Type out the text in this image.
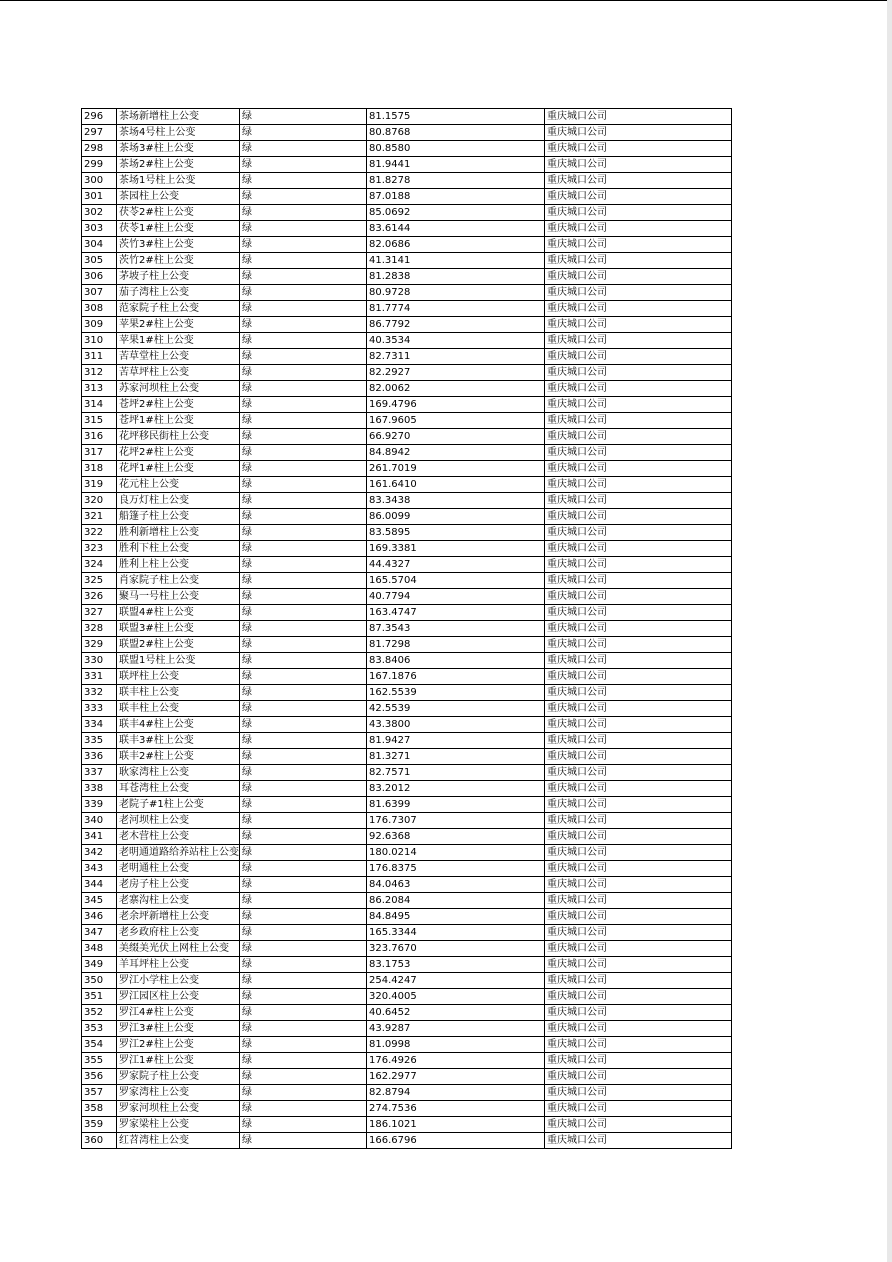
296	茶场新增柱上公变	绿	81.1575	重庆城口公司
297	茶场4号柱上公变	绿	80.8768	重庆城口公司
298	茶场3#柱上公变	绿	80.8580	重庆城口公司
299	茶场2#柱上公变	绿	81.9441	重庆城口公司
300	茶场1号柱上公变	绿	81.8278	重庆城口公司
301	茶园柱上公变	绿	87.0188	重庆城口公司
302	茯苓2#柱上公变	绿	85.0692	重庆城口公司
303	茯苓1#柱上公变	绿	83.6144	重庆城口公司
304	茨竹3#柱上公变	绿	82.0686	重庆城口公司
305	茨竹2#柱上公变	绿	41.3141	重庆城口公司
306	茅坡子柱上公变	绿	81.2838	重庆城口公司
307	茄子湾柱上公变	绿	80.9728	重庆城口公司
308	范家院子柱上公变	绿	81.7774	重庆城口公司
309	苹果2#柱上公变	绿	86.7792	重庆城口公司
310	苹果1#柱上公变	绿	40.3534	重庆城口公司
311	苦草堂柱上公变	绿	82.7311	重庆城口公司
312	苦草坪柱上公变	绿	82.2927	重庆城口公司
313	苏家河坝柱上公变	绿	82.0062	重庆城口公司
314	苍坪2#柱上公变	绿	169.4796	重庆城口公司
315	苍坪1#柱上公变	绿	167.9605	重庆城口公司
316	花坪移民街柱上公变	绿	66.9270	重庆城口公司
317	花坪2#柱上公变	绿	84.8942	重庆城口公司
318	花坪1#柱上公变	绿	261.7019	重庆城口公司
319	花元柱上公变	绿	161.6410	重庆城口公司
320	良万灯柱上公变	绿	83.3438	重庆城口公司
321	船篷子柱上公变	绿	86.0099	重庆城口公司
322	胜利新增柱上公变	绿	83.5895	重庆城口公司
323	胜利下柱上公变	绿	169.3381	重庆城口公司
324	胜利上柱上公变	绿	44.4327	重庆城口公司
325	肖家院子柱上公变	绿	165.5704	重庆城口公司
326	聚马一号柱上公变	绿	40.7794	重庆城口公司
327	联盟4#柱上公变	绿	163.4747	重庆城口公司
328	联盟3#柱上公变	绿	87.3543	重庆城口公司
329	联盟2#柱上公变	绿	81.7298	重庆城口公司
330	联盟1号柱上公变	绿	83.8406	重庆城口公司
331	联坪柱上公变	绿	167.1876	重庆城口公司
332	联丰柱上公变	绿	162.5539	重庆城口公司
333	联丰柱上公变	绿	42.5539	重庆城口公司
334	联丰4#柱上公变	绿	43.3800	重庆城口公司
335	联丰3#柱上公变	绿	81.9427	重庆城口公司
336	联丰2#柱上公变	绿	81.3271	重庆城口公司
337	耿家湾柱上公变	绿	82.7571	重庆城口公司
338	耳苍湾柱上公变	绿	83.2012	重庆城口公司
339	老院子#1柱上公变	绿	81.6399	重庆城口公司
340	老河坝柱上公变	绿	176.7307	重庆城口公司
341	老木营柱上公变	绿	92.6368	重庆城口公司
342	老明通道路给养站柱上公变	绿	180.0214	重庆城口公司
343	老明通柱上公变	绿	176.8375	重庆城口公司
344	老房子柱上公变	绿	84.0463	重庆城口公司
345	老寨沟柱上公变	绿	86.2084	重庆城口公司
346	老余坪新增柱上公变	绿	84.8495	重庆城口公司
347	老乡政府柱上公变	绿	165.3344	重庆城口公司
348	美缀美光伏上网柱上公变	绿	323.7670	重庆城口公司
349	羊耳坪柱上公变	绿	83.1753	重庆城口公司
350	罗江小学柱上公变	绿	254.4247	重庆城口公司
351	罗江园区柱上公变	绿	320.4005	重庆城口公司
352	罗江4#柱上公变	绿	40.6452	重庆城口公司
353	罗江3#柱上公变	绿	43.9287	重庆城口公司
354	罗江2#柱上公变	绿	81.0998	重庆城口公司
355	罗江1#柱上公变	绿	176.4926	重庆城口公司
356	罗家院子柱上公变	绿	162.2977	重庆城口公司
357	罗家湾柱上公变	绿	82.8794	重庆城口公司
358	罗家河坝柱上公变	绿	274.7536	重庆城口公司
359	罗家梁柱上公变	绿	186.1021	重庆城口公司
360	红苕湾柱上公变	绿	166.6796	重庆城口公司
